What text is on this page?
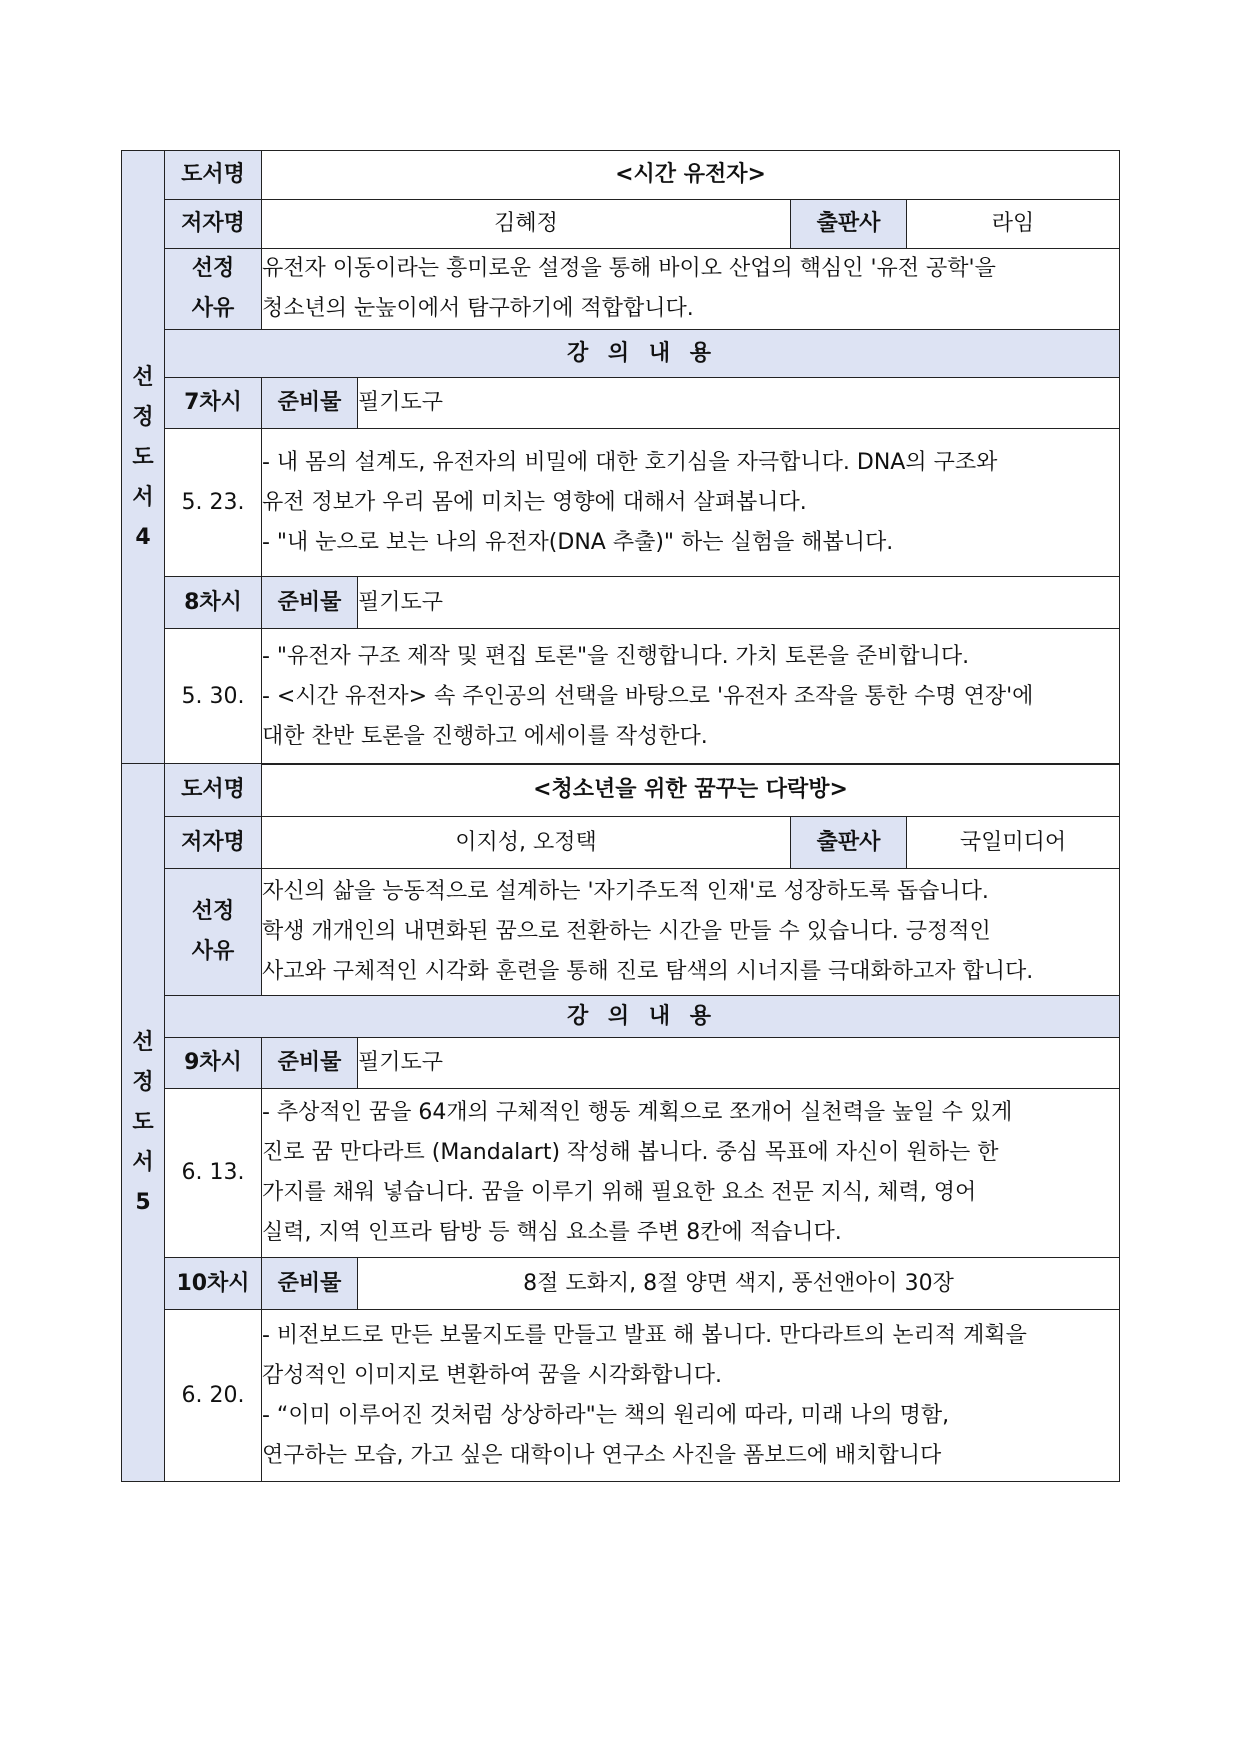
선
정
도
서
4	도서명	<시간 유전자>			
	저자명	김혜정		출판사	라임

	선정
사유	유전자 이동이라는 흥미로운 설정을 통해 바이오 산업의 핵심인 '유전 공학'을
청소년의 눈높이에서 탐구하기에 적합합니다.			

	강 의 내 용				
	7차시	준비물	필기도구		
	5. 23.	- 내 몸의 설계도, 유전자의 비밀에 대한 호기심을 자극합니다. DNA의 구조와
유전 정보가 우리 몸에 미치는 영향에 대해서 살펴봅니다.
- "내 눈으로 보는 나의 유전자(DNA 추출)" 하는 실험을 해봅니다.			

	8차시	준비물	필기도구		
	5. 30.	- "유전자 구조 제작 및 편집 토론"을 진행합니다. 가치 토론을 준비합니다.
- <시간 유전자> 속 주인공의 선택을 바탕으로 '유전자 조작을 통한 수명 연장'에
대한 찬반 토론을 진행하고 에세이를 작성한다.			
선
정
도
서
5	도서명	<청소년을 위한 꿈꾸는 다락방>			
	저자명	이지성, 오정택		출판사	국일미디어

	선정
사유	자신의 삶을 능동적으로 설계하는 '자기주도적 인재'로 성장하도록 돕습니다.
학생 개개인의 내면화된 꿈으로 전환하는 시간을 만들 수 있습니다. 긍정적인
사고와 구체적인 시각화 훈련을 통해 진로 탐색의 시너지를 극대화하고자 합니다.			

	강 의 내 용				
	9차시	준비물	필기도구		
	6. 13.	- 추상적인 꿈을 64개의 구체적인 행동 계획으로 쪼개어 실천력을 높일 수 있게
진로 꿈 만다라트 (Mandalart) 작성해 봅니다. 중심 목표에 자신이 원하는 한
가지를 채워 넣습니다. 꿈을 이루기 위해 필요한 요소 전문 지식, 체력, 영어
실력, 지역 인프라 탐방 등 핵심 요소를 주변 8칸에 적습니다.			

	10차시	준비물	8절 도화지, 8절 양면 색지, 풍선앤아이 30장		
	6. 20.	- 비전보드로 만든 보물지도를 만들고 발표 해 봅니다. 만다라트의 논리적 계획을
감성적인 이미지로 변환하여 꿈을 시각화합니다.
- “이미 이루어진 것처럼 상상하라"는 책의 원리에 따라, 미래 나의 명함,
연구하는 모습, 가고 싶은 대학이나 연구소 사진을 폼보드에 배치합니다			
